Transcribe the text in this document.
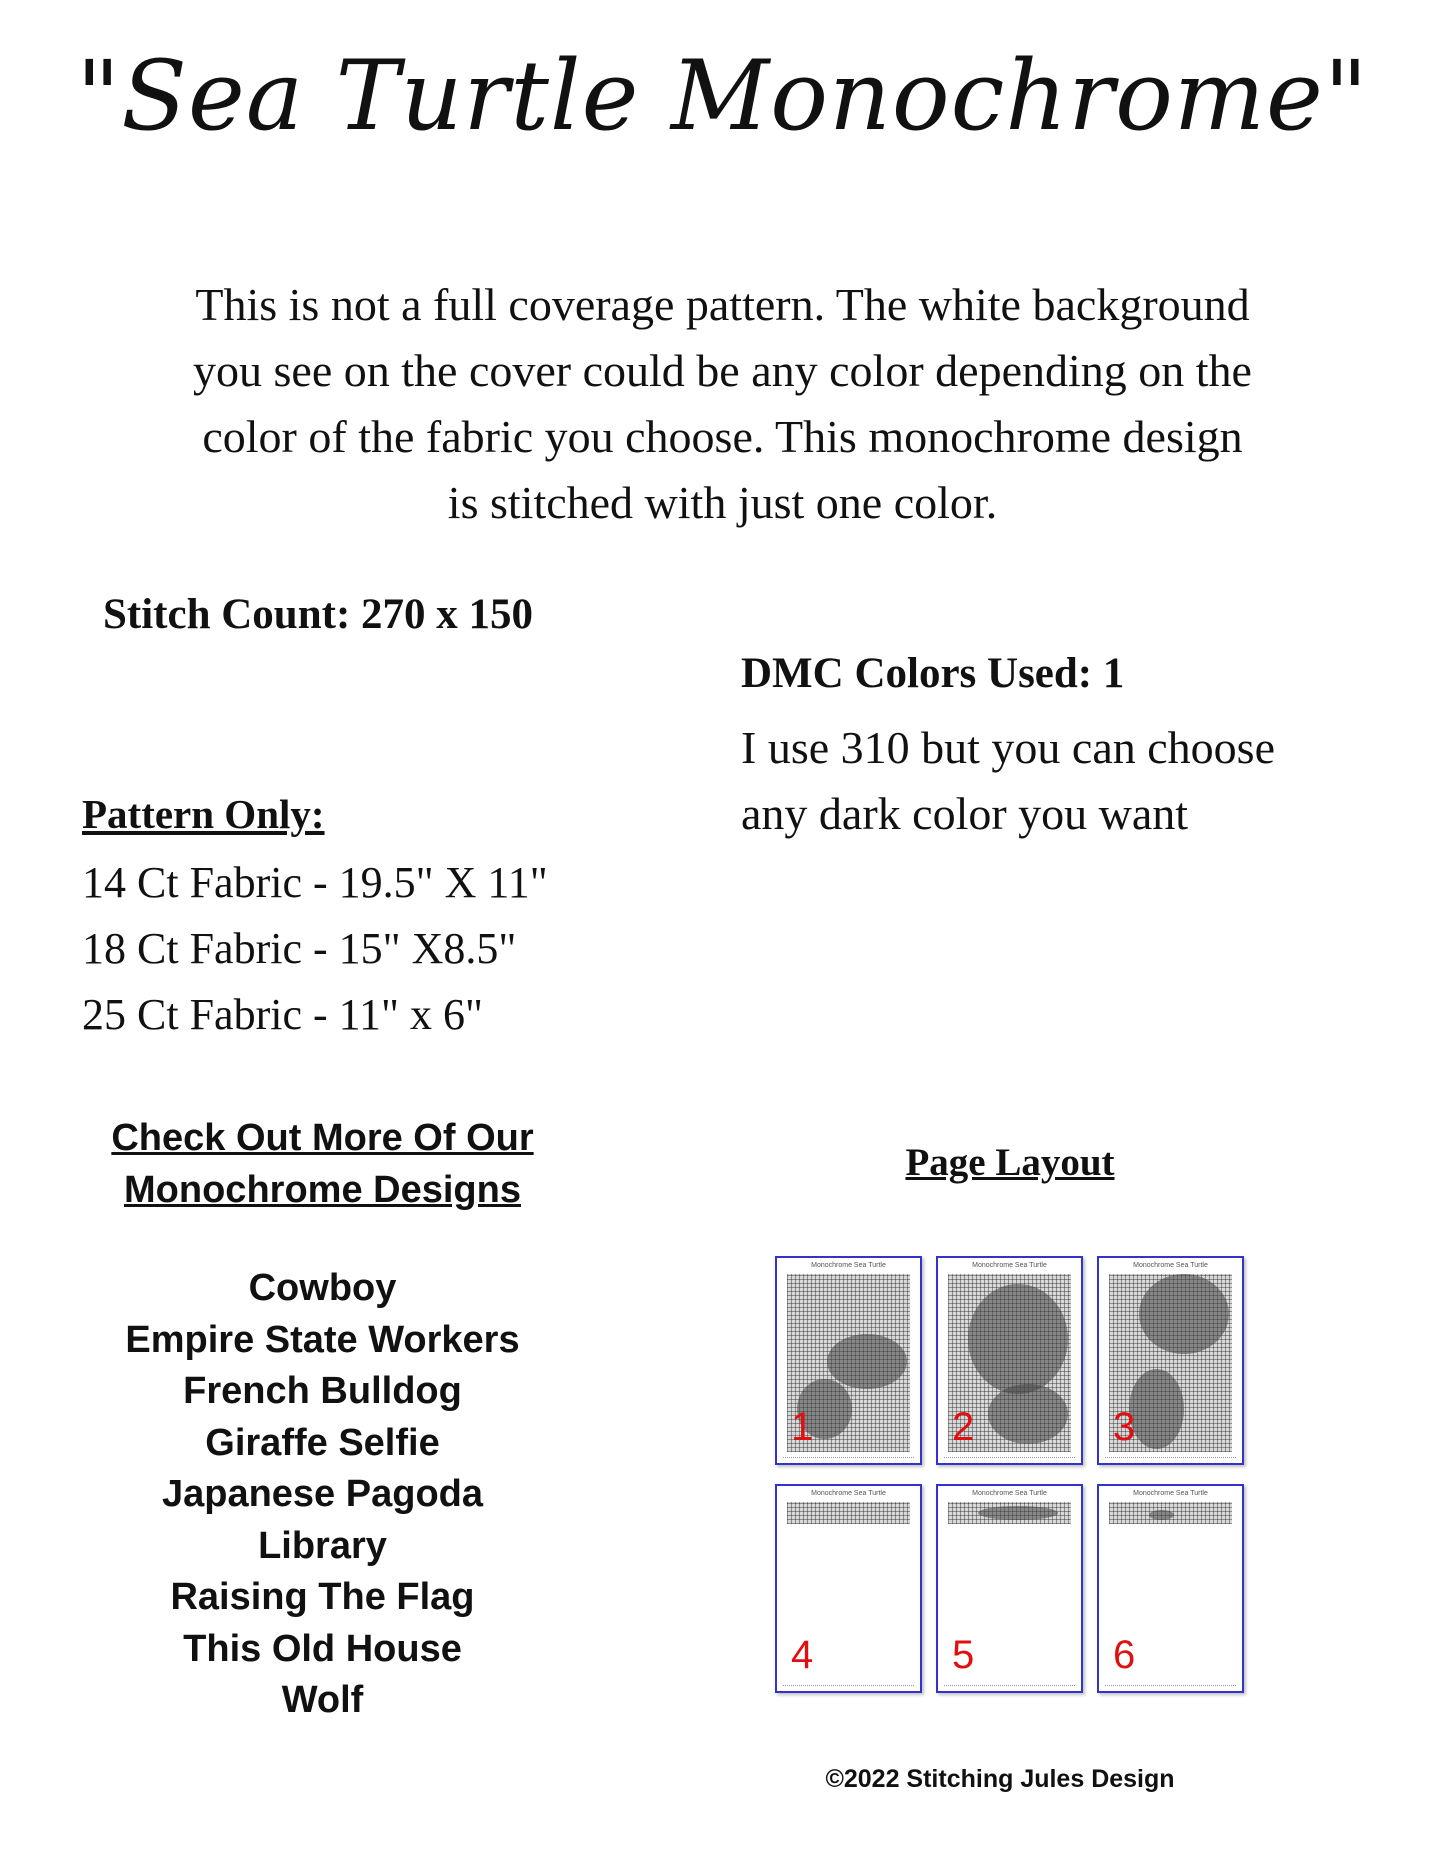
"Sea Turtle Monochrome"
This is not a full coverage pattern. The white background
you see on the cover could be any color depending on the
color of the fabric you choose. This monochrome design
is stitched with just one color.
Stitch Count: 270 x 150
DMC Colors Used: 1
I use 310 but you can choose
any dark color you want
Pattern Only:
14 Ct Fabric - 19.5" X 11"
18 Ct Fabric - 15" X8.5"
25 Ct Fabric - 11" x 6"
Check Out More Of Our
Monochrome Designs
Cowboy
Empire State Workers
French Bulldog
Giraffe Selfie
Japanese Pagoda
Library
Raising The Flag
This Old House
Wolf
Page Layout
Monochrome Sea Turtle
1
Monochrome Sea Turtle
2
Monochrome Sea Turtle
3
Monochrome Sea Turtle
4
Monochrome Sea Turtle
5
Monochrome Sea Turtle
6
©2022 Stitching Jules Design
